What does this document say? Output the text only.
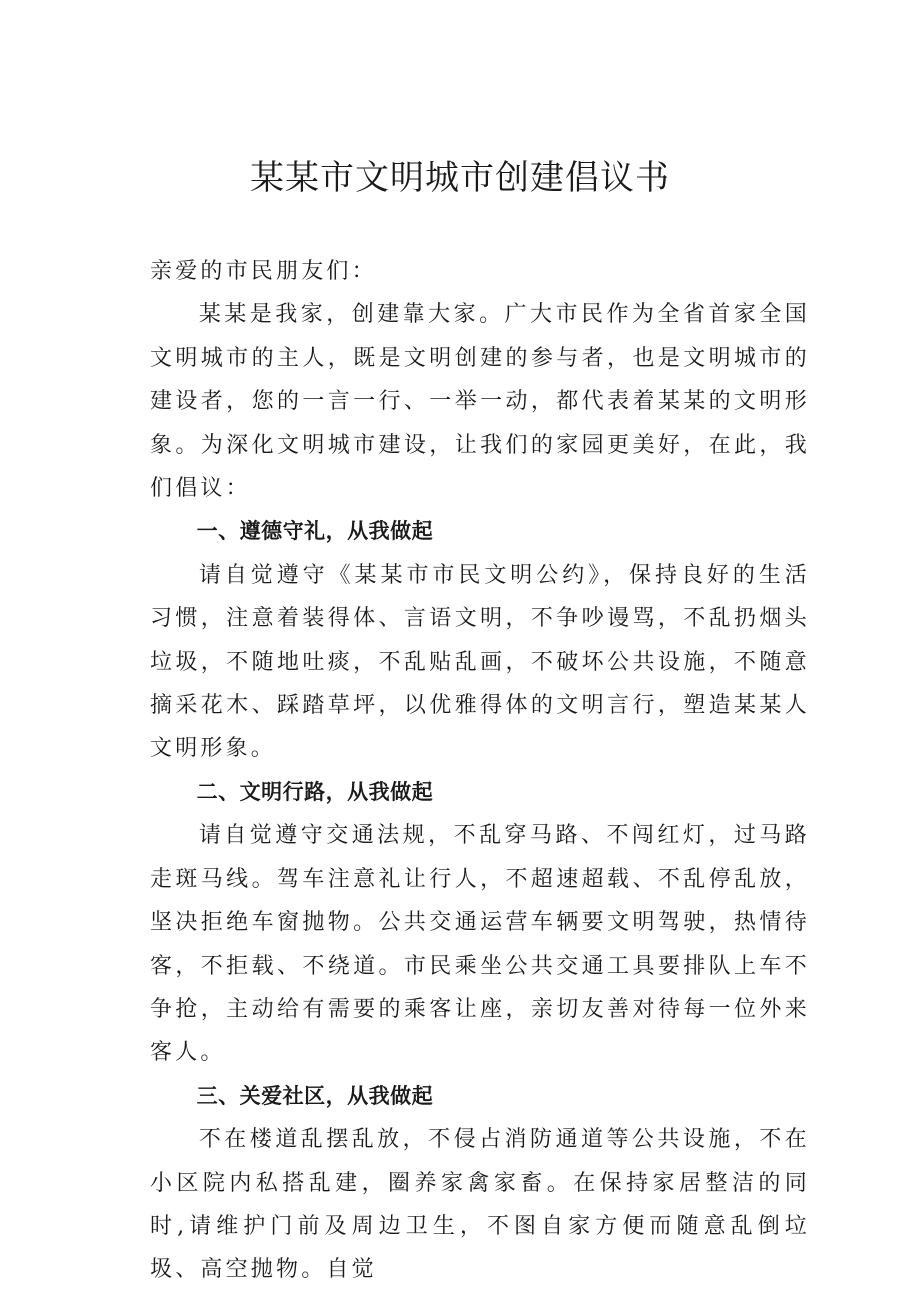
某某市文明城市创建倡议书

亲爱的市民朋友们：

某某是我家，创建靠大家。广大市民作为全省首家全国文明城市的主人，既是文明创建的参与者，也是文明城市的建设者，您的一言一行、一举一动，都代表着某某的文明形象。为深化文明城市建设，让我们的家园更美好，在此，我们倡议：

一、遵德守礼，从我做起

请自觉遵守《某某市市民文明公约》，保持良好的生活习惯，注意着装得体、言语文明，不争吵谩骂，不乱扔烟头垃圾，不随地吐痰，不乱贴乱画，不破坏公共设施，不随意摘采花木、踩踏草坪，以优雅得体的文明言行，塑造某某人文明形象。

二、文明行路，从我做起

请自觉遵守交通法规，不乱穿马路、不闯红灯，过马路走斑马线。驾车注意礼让行人，不超速超载、不乱停乱放，坚决拒绝车窗抛物。公共交通运营车辆要文明驾驶，热情待客，不拒载、不绕道。市民乘坐公共交通工具要排队上车不争抢，主动给有需要的乘客让座，亲切友善对待每一位外来客人。

三、关爱社区，从我做起

不在楼道乱摆乱放，不侵占消防通道等公共设施，不在小区院内私搭乱建，圈养家禽家畜。在保持家居整洁的同时,请维护门前及周边卫生，不图自家方便而随意乱倒垃圾、高空抛物。自觉
